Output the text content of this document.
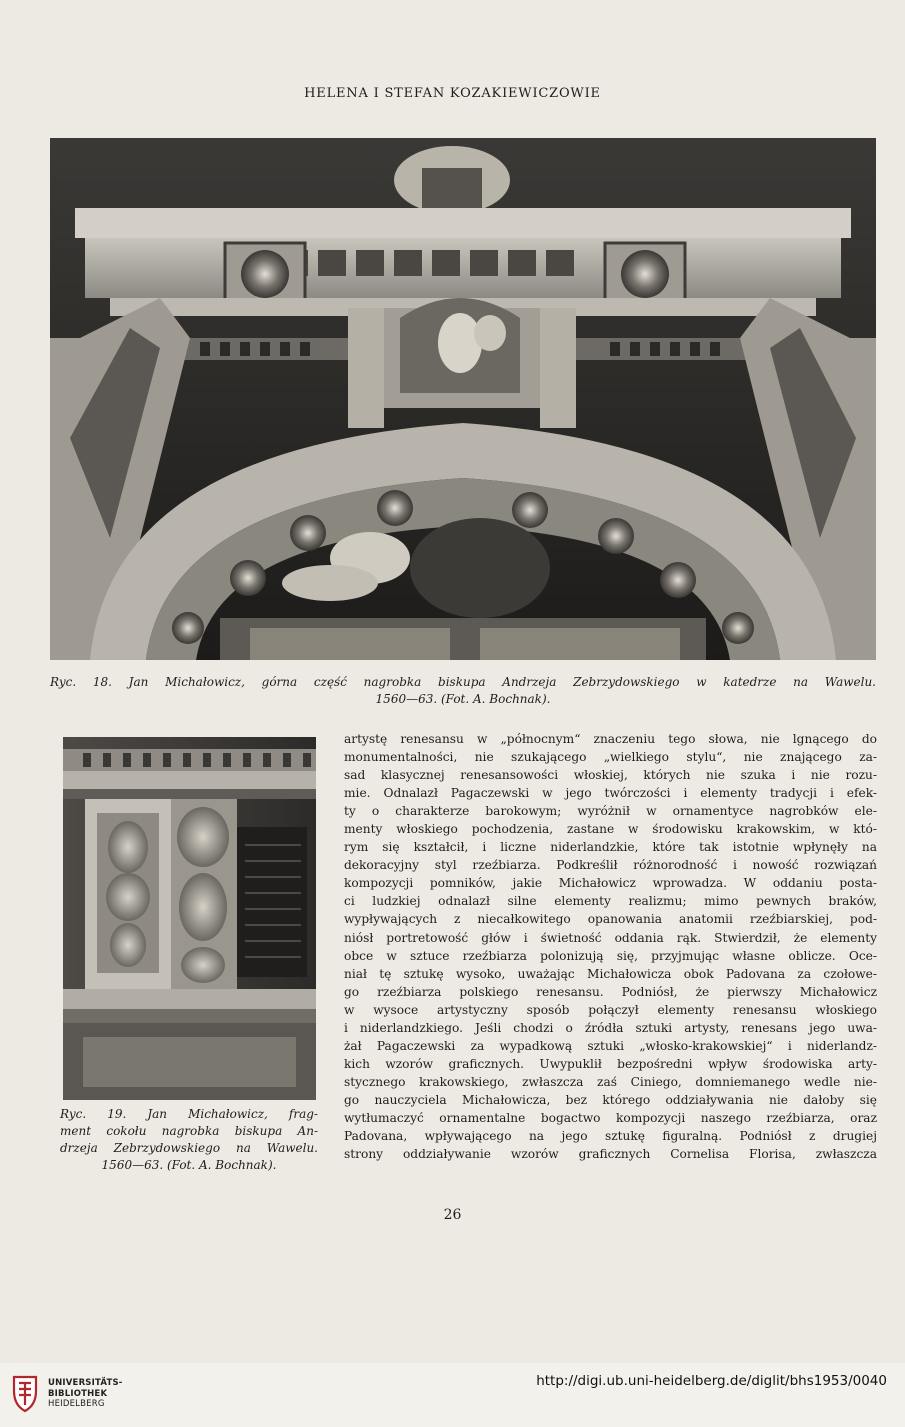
HELENA I STEFAN KOZAKIEWICZOWIE
Ryc. 18. Jan Michałowicz, górna część nagrobka biskupa Andrzeja Zebrzydowskiego w katedrze na Wawelu.
1560—63. (Fot. A. Bochnak).
Ryc. 19. Jan Michałowicz, frag-
ment cokołu nagrobka biskupa An-
drzeja Zebrzydowskiego na Wawelu.
1560—63. (Fot. A. Bochnak).
artystę renesansu w „północnym“ znaczeniu tego słowa, nie lgnącego do
monumentalności, nie szukającego „wielkiego stylu“, nie znającego za-
sad klasycznej renesansowości włoskiej, których nie szuka i nie rozu-
mie. Odnalazł Pagaczewski w jego twórczości i elementy tradycji i efek-
ty o charakterze barokowym; wyróżnił w ornamentyce nagrobków ele-
menty włoskiego pochodzenia, zastane w środowisku krakowskim, w któ-
rym się kształcił, i liczne niderlandzkie, które tak istotnie wpłynęły na
dekoracyjny styl rzeźbiarza. Podkreślił różnorodność i nowość rozwiązań
kompozycji pomników, jakie Michałowicz wprowadza. W oddaniu posta-
ci ludzkiej odnalazł silne elementy realizmu; mimo pewnych braków,
wypływających z niecałkowitego opanowania anatomii rzeźbiarskiej, pod-
niósł portretowość głów i świetność oddania rąk. Stwierdził, że elementy
obce w sztuce rzeźbiarza polonizują się, przyjmując własne oblicze. Oce-
niał tę sztukę wysoko, uważając Michałowicza obok Padovana za czołowe-
go rzeźbiarza polskiego renesansu. Podniósł, że pierwszy Michałowicz
w wysoce artystyczny sposób połączył elementy renesansu włoskiego
i niderlandzkiego. Jeśli chodzi o źródła sztuki artysty, renesans jego uwa-
żał Pagaczewski za wypadkową sztuki „włosko-krakowskiej“ i niderlandz-
kich wzorów graficznych. Uwypuklił bezpośredni wpływ środowiska arty-
stycznego krakowskiego, zwłaszcza zaś Ciniego, domniemanego wedle nie-
go nauczyciela Michałowicza, bez którego oddziaływania nie dałoby się
wytłumaczyć ornamentalne bogactwo kompozycji naszego rzeźbiarza, oraz
Padovana, wpływającego na jego sztukę figuralną. Podniósł z drugiej
strony oddziaływanie wzorów graficznych Cornelisa Florisa, zwłaszcza
26
UNIVERSITÄTS-
BIBLIOTHEK
HEIDELBERG
http://digi.ub.uni-heidelberg.de/diglit/bhs1953/0040
